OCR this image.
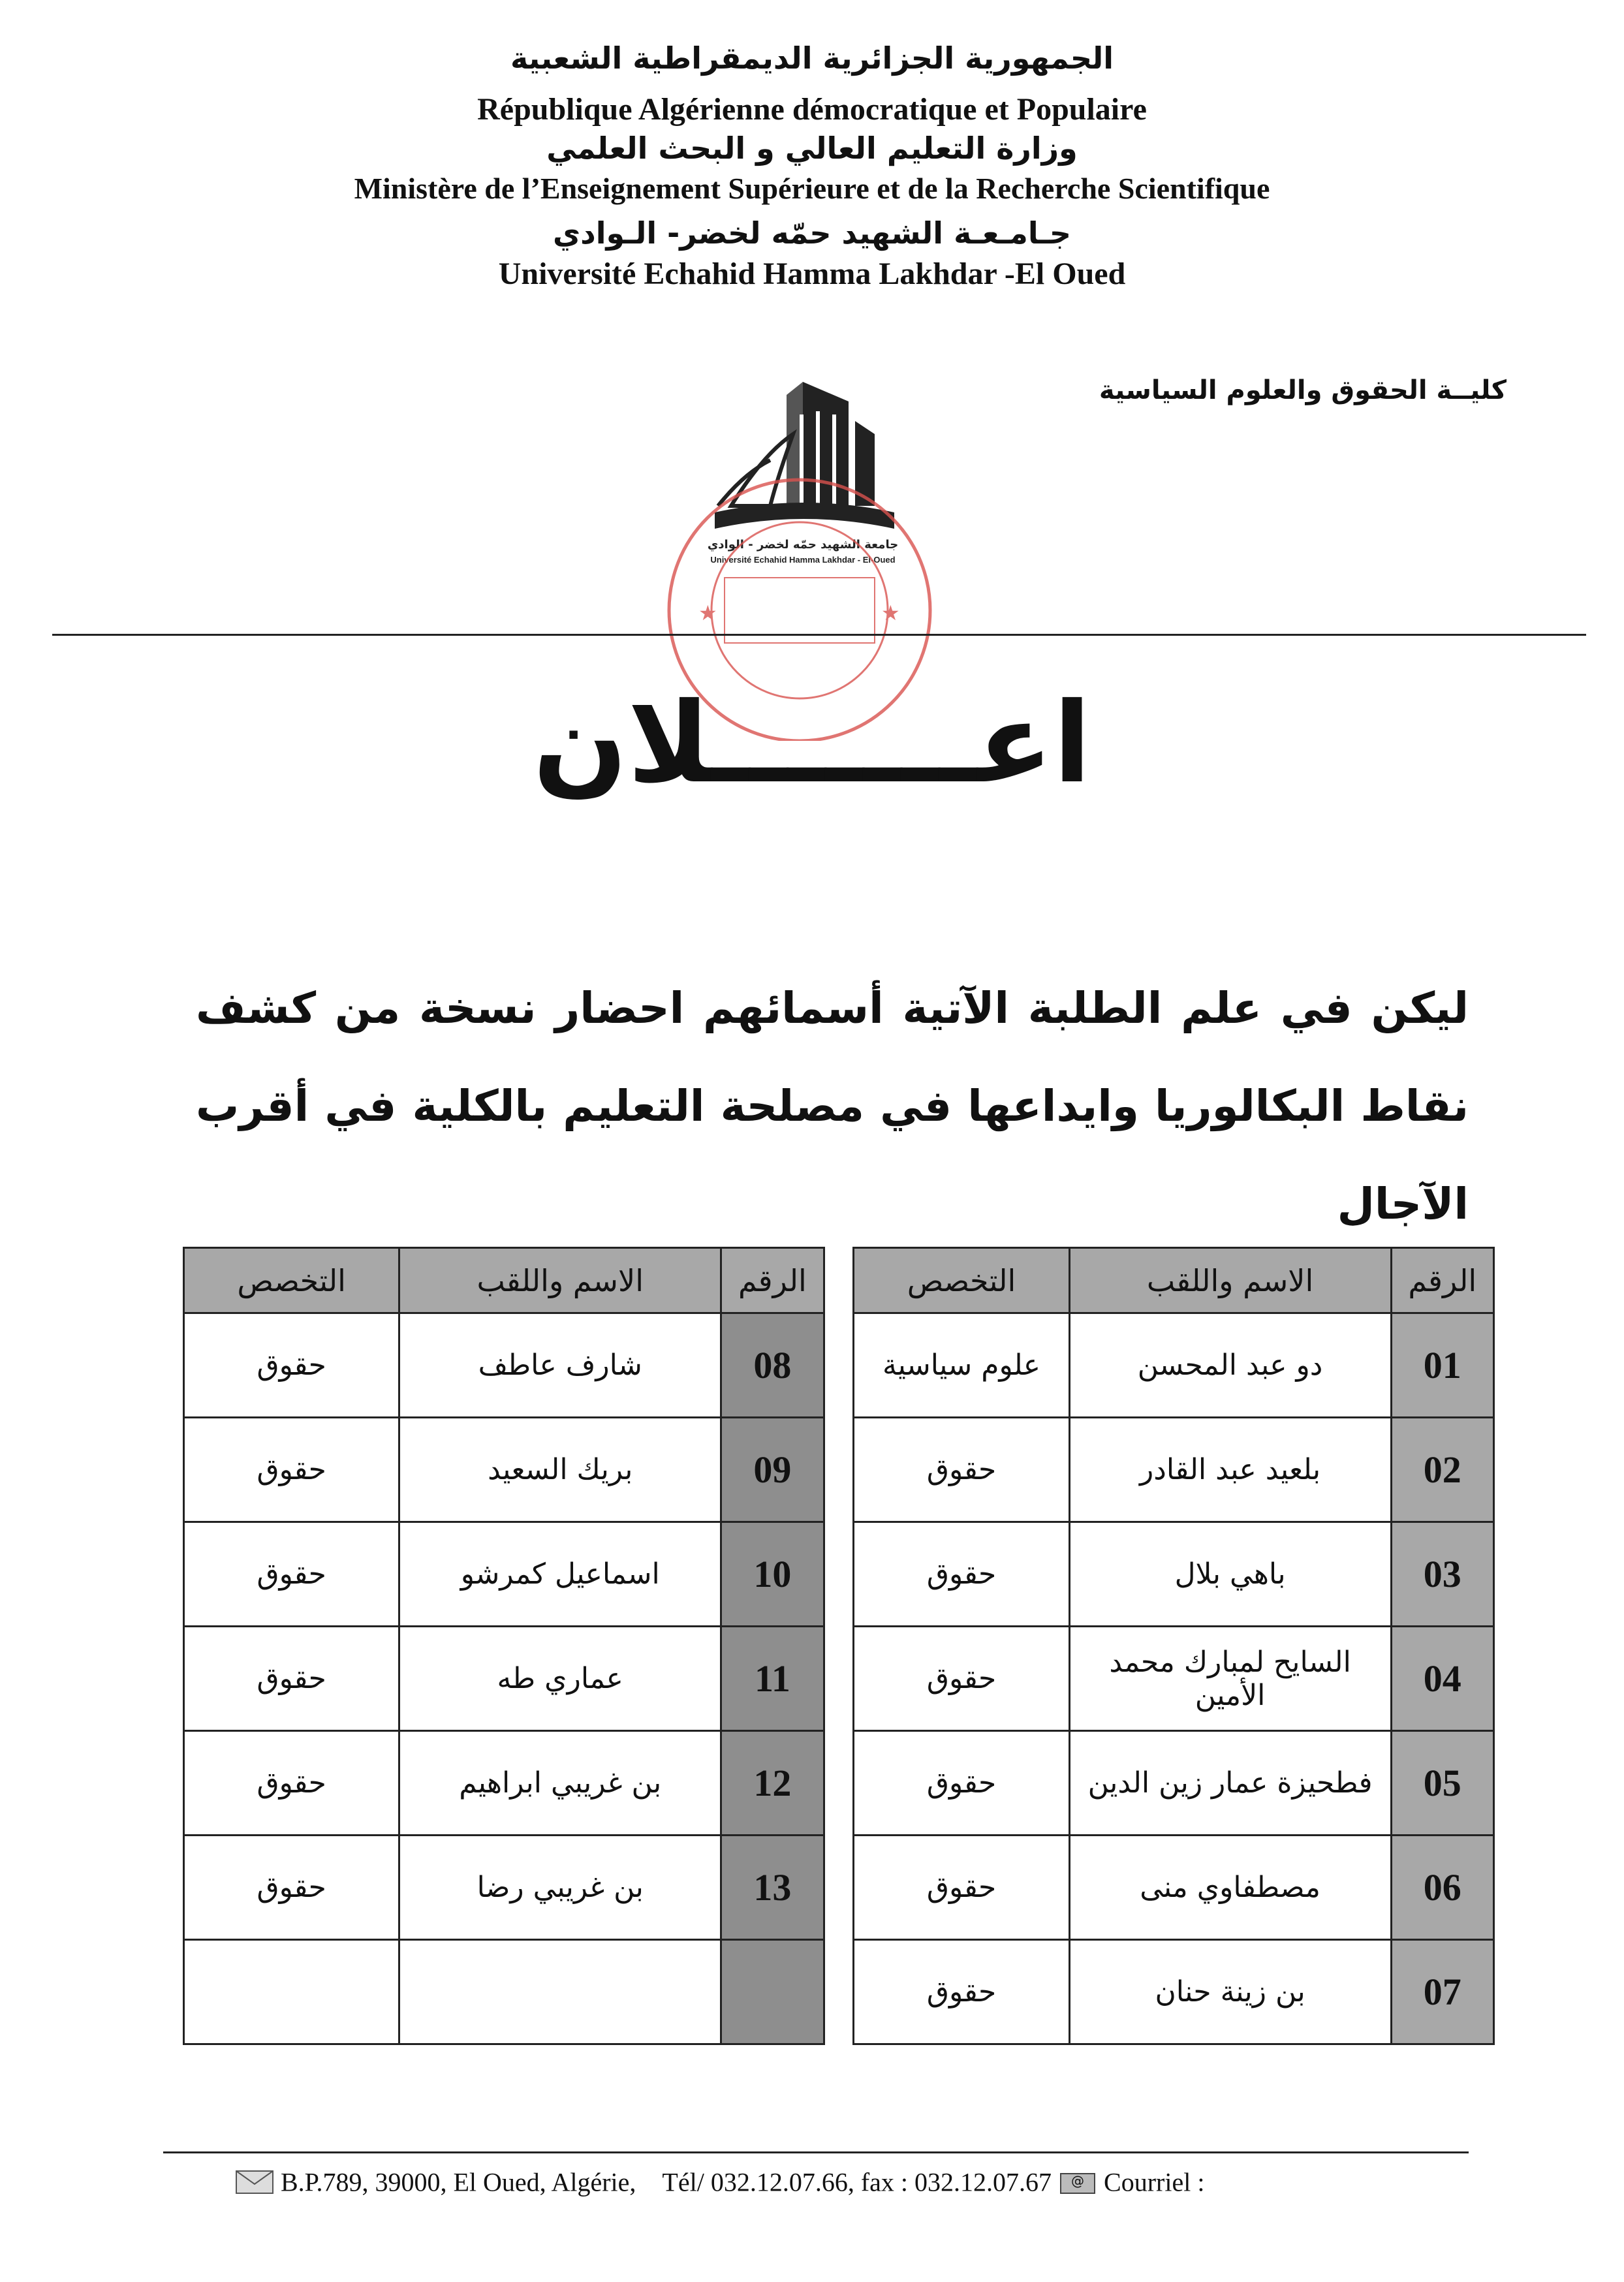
الجمهورية الجزائرية الديمقراطية الشعبية
République Algérienne démocratique et Populaire
وزارة التعليم العالي و البحث العلمي
Ministère de l’Enseignement Supérieure et de la Recherche Scientifique
جـامـعـة الشهيد حمّه لخضر- الـوادي
Université Echahid Hamma Lakhdar -El Oued
كليــة الحقوق والعلوم السياسية
جامعة الشهيد حمّه لخضر - الوادي
Université Echahid Hamma Lakhdar - El-Oued
★	★
اعـــــــلان
ليكن في علم الطلبة الآتية أسمائهم احضار نسخة من كشف نقاط البكالوريا وايداعها في مصلحة التعليم بالكلية في أقرب الآجال
الرقم	الاسم واللقب	التخصص		الرقم	الاسم واللقب	التخصص
01	دو عبد المحسن	علوم سياسية		08	شارف عاطف	حقوق
02	بلعيد عبد القادر	حقوق		09	بريك السعيد	حقوق
03	باهي بلال	حقوق		10	اسماعيل كمرشو	حقوق
04	السايح لمبارك محمد الأمين	حقوق		11	عماري طه	حقوق
05	فطحيزة عمار زين الدين	حقوق		12	بن غريبي ابراهيم	حقوق
06	مصطفاوي منى	حقوق		13	بن غريبي رضا	حقوق
07	بن زينة حنان	حقوق				
B.P.789, 39000, El Oued, Algérie, Tél/ 032.12.07.66, fax : 032.12.07.67 @ Courriel :
